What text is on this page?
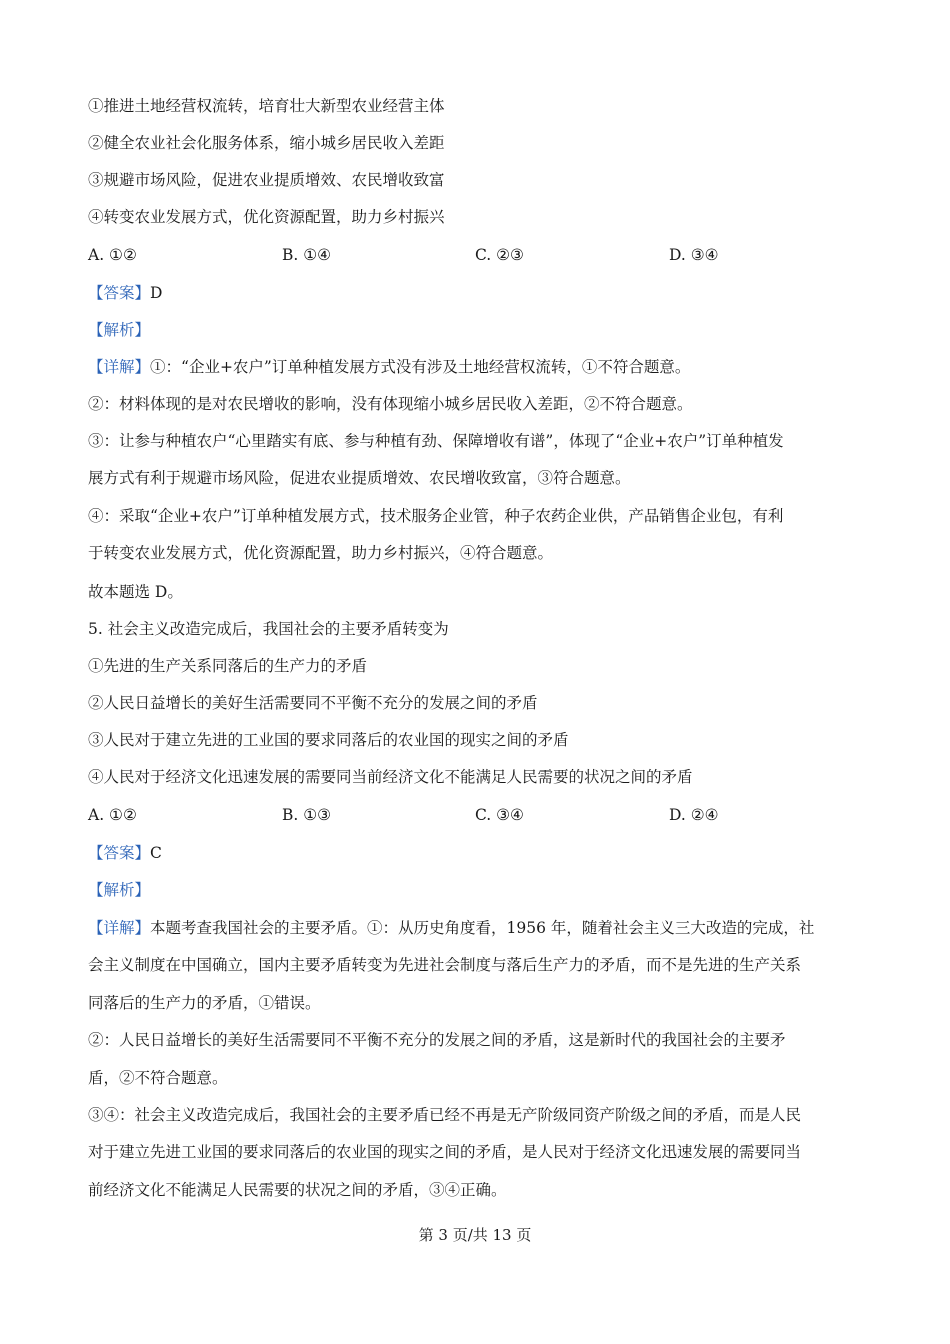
①推进土地经营权流转，培育壮大新型农业经营主体
②健全农业社会化服务体系，缩小城乡居民收入差距
③规避市场风险，促进农业提质增效、农民增收致富
④转变农业发展方式，优化资源配置，助力乡村振兴
A. ①②	B. ①④	C. ②③	D. ③④
【答案】D
【解析】
【详解】①：“企业+农户”订单种植发展方式没有涉及土地经营权流转，①不符合题意。
②：材料体现的是对农民增收的影响，没有体现缩小城乡居民收入差距，②不符合题意。
③：让参与种植农户“心里踏实有底、参与种植有劲、保障增收有谱”，体现了“企业+农户”订单种植发
展方式有利于规避市场风险，促进农业提质增效、农民增收致富，③符合题意。
④：采取“企业+农户”订单种植发展方式，技术服务企业管，种子农药企业供，产品销售企业包，有利
于转变农业发展方式，优化资源配置，助力乡村振兴，④符合题意。
故本题选 D。
5. 社会主义改造完成后，我国社会的主要矛盾转变为
①先进的生产关系同落后的生产力的矛盾
②人民日益增长的美好生活需要同不平衡不充分的发展之间的矛盾
③人民对于建立先进的工业国的要求同落后的农业国的现实之间的矛盾
④人民对于经济文化迅速发展的需要同当前经济文化不能满足人民需要的状况之间的矛盾
A. ①②	B. ①③	C. ③④	D. ②④
【答案】C
【解析】
【详解】本题考查我国社会的主要矛盾。①：从历史角度看，1956 年，随着社会主义三大改造的完成，社
会主义制度在中国确立，国内主要矛盾转变为先进社会制度与落后生产力的矛盾，而不是先进的生产关系
同落后的生产力的矛盾，①错误。
②：人民日益增长的美好生活需要同不平衡不充分的发展之间的矛盾，这是新时代的我国社会的主要矛
盾，②不符合题意。
③④：社会主义改造完成后，我国社会的主要矛盾已经不再是无产阶级同资产阶级之间的矛盾，而是人民
对于建立先进工业国的要求同落后的农业国的现实之间的矛盾，是人民对于经济文化迅速发展的需要同当
前经济文化不能满足人民需要的状况之间的矛盾，③④正确。
第 3 页/共 13 页
